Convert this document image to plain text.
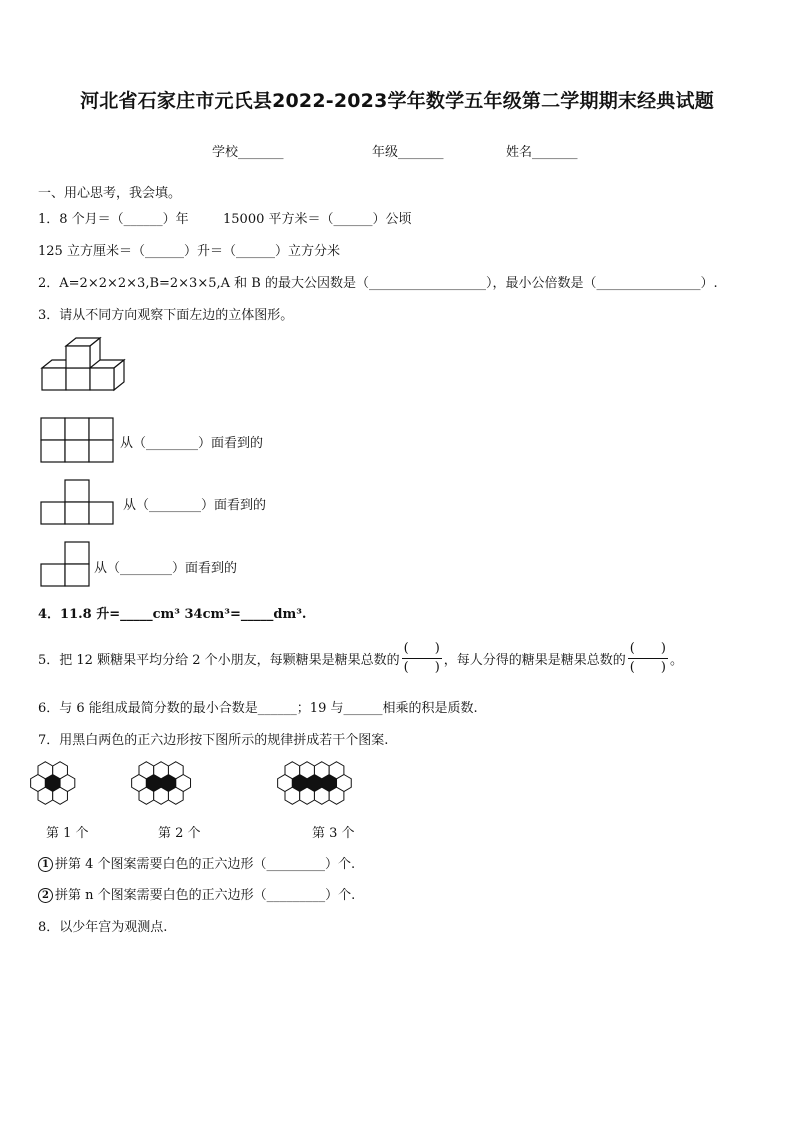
河北省石家庄市元氏县2022-2023学年数学五年级第二学期期末经典试题
学校_______	年级_______	姓名_______
一、用心思考，我会填。
1．8 个月＝（______）年	15000 平方米＝（______）公顷
125 立方厘米＝（______）升＝（______）立方分米
2．A=2×2×2×3,B=2×3×5,A 和 B 的最大公因数是（__________________），最小公倍数是（________________）.
3．请从不同方向观察下面左边的立体图形。
从（________）面看到的
从（________）面看到的
从（________）面看到的
4．11.8 升=_____cm³ 34cm³=_____dm³.
5．把 12 颗糖果平均分给 2 个小朋友，每颗糖果是糖果总数的 $\frac{( )}{( )}$ ，每人分得的糖果是糖果总数的 $\frac{( )}{( )}$ 。
6．与 6 能组成最简分数的最小合数是______；19 与______相乘的积是质数.
7．用黑白两色的正六边形按下图所示的规律拼成若干个图案.
第 1 个	第 2 个	第 3 个
1 拼第 4 个图案需要白色的正六边形（_________）个.
2 拼第 n 个图案需要白色的正六边形（_________）个.
8．以少年宫为观测点.
